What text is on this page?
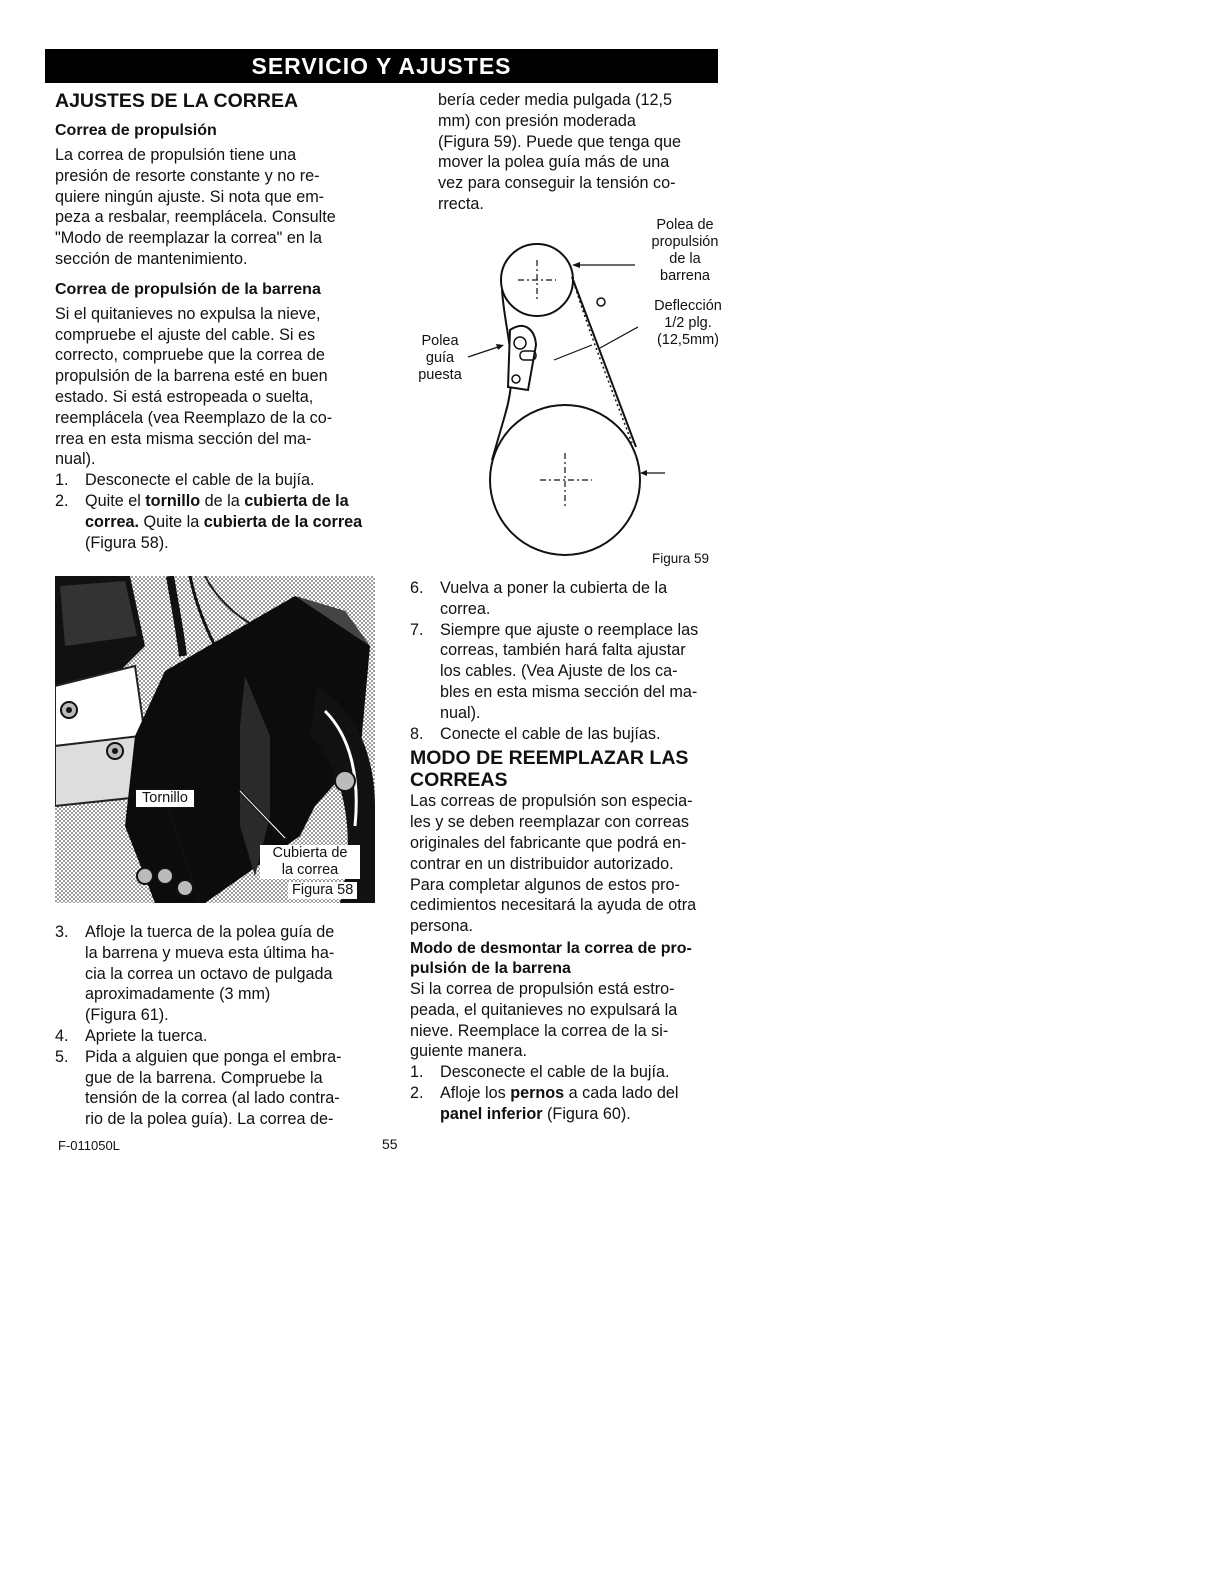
SERVICIO Y AJUSTES

AJUSTES DE LA CORREA

Correa de propulsión

La correa de propulsión tiene una

presión de resorte constante y no re-

quiere ningún ajuste. Si nota que em-

peza a resbalar, reemplácela. Consulte

"Modo de reemplazar la correa" en la

sección de mantenimiento.

Correa de propulsión de la barrena

Si el quitanieves no expulsa la nieve,

compruebe el ajuste del cable. Si es

correcto, compruebe que la correa de

propulsión de la barrena esté en buen

estado. Si está estropeada o suelta,

reemplácela (vea Reemplazo de la co-

rrea en esta misma sección del ma-

nual).

1. Desconecte el cable de la bujía.
2. Quite el tornillo de la cubierta de la correa. Quite la cubierta de la correa (Figura 58).
Tornillo
Cubierta de
la correa
Figura 58
3. Afloje la tuerca de la polea guía de

la barrena y mueva esta última ha-

cia la correa un octavo de pulgada

aproximadamente (3 mm)

(Figura 61).

4. Apriete la tuerca.
5. Pida a alguien que ponga el embra-

gue de la barrena. Compruebe la

tensión de la correa (al lado contra-

rio de la polea guía). La correa de-

bería ceder media pulgada (12,5

mm) con presión moderada

(Figura 59). Puede que tenga que

mover la polea guía más de una

vez para conseguir la tensión co-

rrecta.

Polea de
propulsión
de la
barrena
Deflección
1/2 plg.
(12,5mm)
Polea
guía
puesta
Figura 59
6. Vuelva a poner la cubierta de la

correa.

7. Siempre que ajuste o reemplace las

correas, también hará falta ajustar

los cables. (Vea Ajuste de los ca-

bles en esta misma sección del ma-

nual).

8. Conecte el cable de las bujías.

MODO DE REEMPLAZAR LAS

CORREAS

Las correas de propulsión son especia-

les y se deben reemplazar con correas

originales del fabricante que podrá en-

contrar en un distribuidor autorizado.

Para completar algunos de estos pro-

cedimientos necesitará la ayuda de otra

persona.

Modo de desmontar la correa de pro-

pulsión de la barrena

Si la correa de propulsión está estro-

peada, el quitanieves no expulsará la

nieve. Reemplace la correa de la si-

guiente manera.

1. Desconecte el cable de la bujía.
2. Afloje los pernos a cada lado del
panel inferior (Figura 60).
F-011050L	55
